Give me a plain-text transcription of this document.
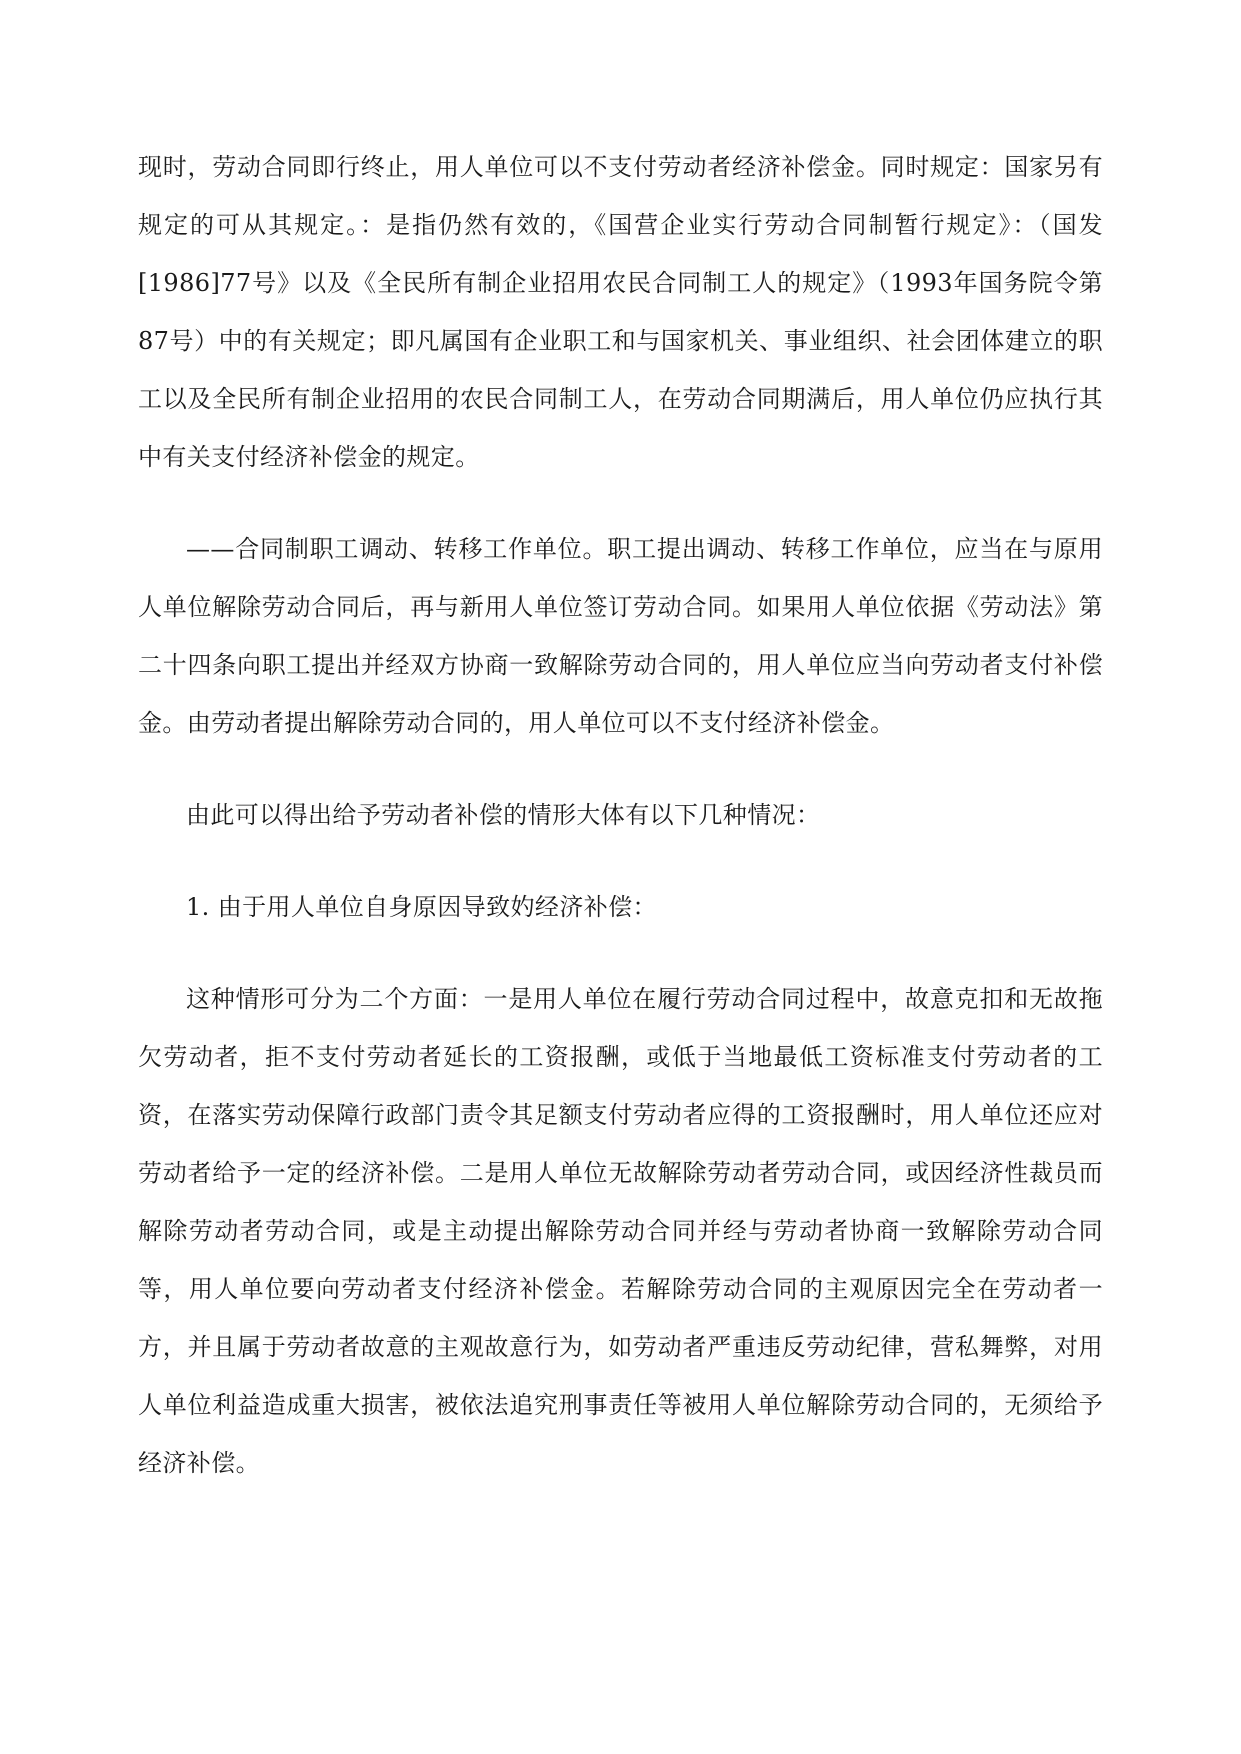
现时，劳动合同即行终止，用人单位可以不支付劳动者经济补偿金。同时规定：国家另有规定的可从其规定。：是指仍然有效的，《国营企业实行劳动合同制暂行规定》：（国发[1986]77号》以及《全民所有制企业招用农民合同制工人的规定》（1993年国务院令第87号）中的有关规定；即凡属国有企业职工和与国家机关、事业组织、社会团体建立的职工以及全民所有制企业招用的农民合同制工人，在劳动合同期满后，用人单位仍应执行其中有关支付经济补偿金的规定。

——合同制职工调动、转移工作单位。职工提出调动、转移工作单位，应当在与原用人单位解除劳动合同后，再与新用人单位签订劳动合同。如果用人单位依据《劳动法》第二十四条向职工提出并经双方协商一致解除劳动合同的，用人单位应当向劳动者支付补偿金。由劳动者提出解除劳动合同的，用人单位可以不支付经济补偿金。

由此可以得出给予劳动者补偿的情形大体有以下几种情况：

1. 由于用人单位自身原因导致妁经济补偿：

这种情形可分为二个方面：一是用人单位在履行劳动合同过程中，故意克扣和无故拖欠劳动者，拒不支付劳动者延长的工资报酬，或低于当地最低工资标准支付劳动者的工资，在落实劳动保障行政部门责令其足额支付劳动者应得的工资报酬时，用人单位还应对劳动者给予一定的经济补偿。二是用人单位无故解除劳动者劳动合同，或因经济性裁员而解除劳动者劳动合同，或是主动提出解除劳动合同并经与劳动者协商一致解除劳动合同等，用人单位要向劳动者支付经济补偿金。若解除劳动合同的主观原因完全在劳动者一方，并且属于劳动者故意的主观故意行为，如劳动者严重违反劳动纪律，营私舞弊，对用人单位利益造成重大损害，被依法追究刑事责任等被用人单位解除劳动合同的，无须给予经济补偿。
